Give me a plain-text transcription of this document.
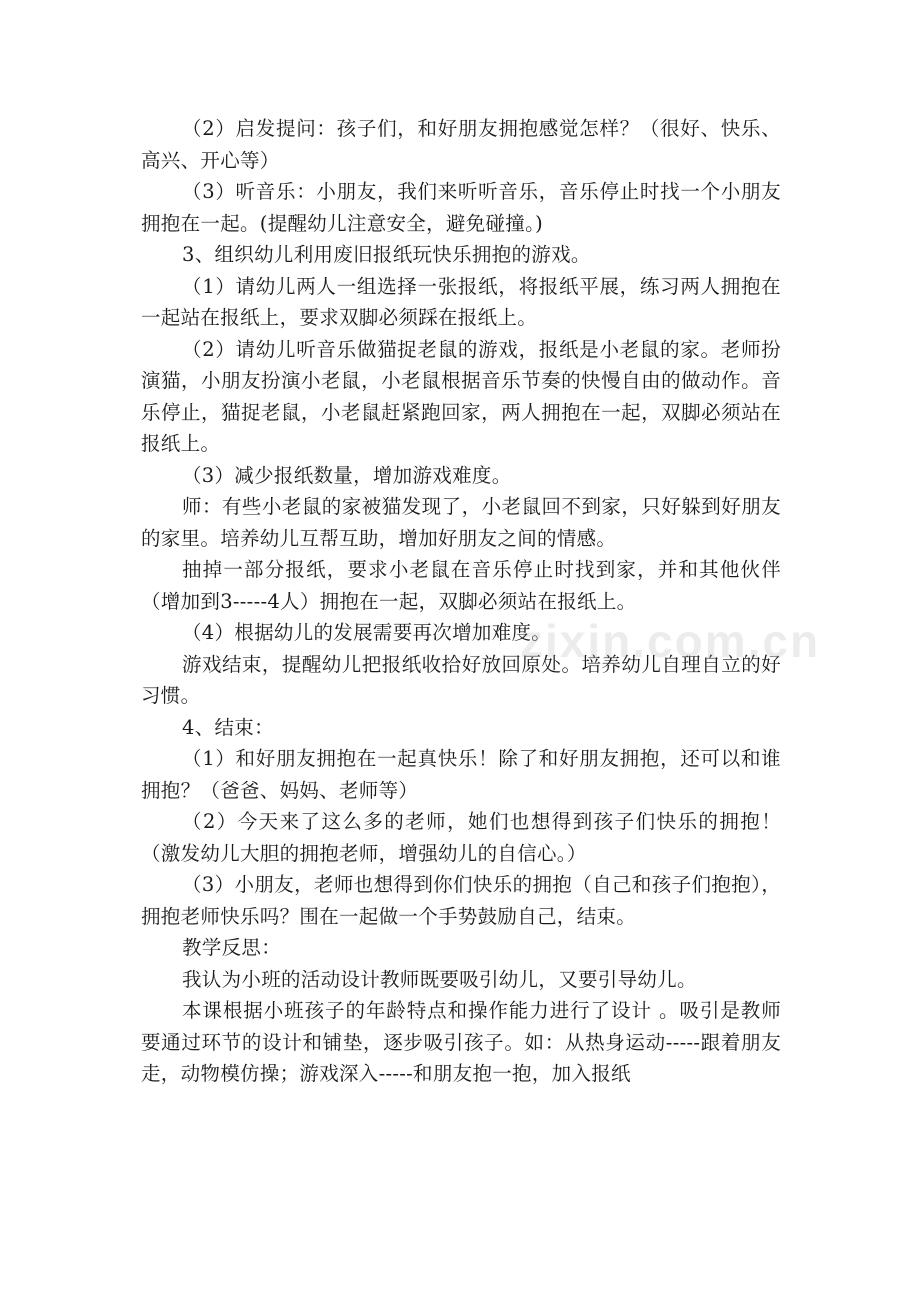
（2）启发提问：孩子们，和好朋友拥抱感觉怎样？（很好、快乐、高兴、开心等）

（3）听音乐：小朋友，我们来听听音乐，音乐停止时找一个小朋友拥抱在一起。(提醒幼儿注意安全，避免碰撞。)

3、组织幼儿利用废旧报纸玩快乐拥抱的游戏。

（1）请幼儿两人一组选择一张报纸，将报纸平展，练习两人拥抱在一起站在报纸上，要求双脚必须踩在报纸上。

（2）请幼儿听音乐做猫捉老鼠的游戏，报纸是小老鼠的家。老师扮演猫，小朋友扮演小老鼠，小老鼠根据音乐节奏的快慢自由的做动作。音乐停止，猫捉老鼠，小老鼠赶紧跑回家，两人拥抱在一起，双脚必须站在报纸上。

（3）减少报纸数量，增加游戏难度。

师：有些小老鼠的家被猫发现了，小老鼠回不到家，只好躲到好朋友的家里。培养幼儿互帮互助，增加好朋友之间的情感。

抽掉一部分报纸，要求小老鼠在音乐停止时找到家，并和其他伙伴（增加到3-----4人）拥抱在一起，双脚必须站在报纸上。

（4）根据幼儿的发展需要再次增加难度。

游戏结束，提醒幼儿把报纸收拾好放回原处。培养幼儿自理自立的好习惯。

4、结束：

（1）和好朋友拥抱在一起真快乐！除了和好朋友拥抱，还可以和谁拥抱？（爸爸、妈妈、老师等）

（2）今天来了这么多的老师，她们也想得到孩子们快乐的拥抱！（激发幼儿大胆的拥抱老师，增强幼儿的自信心。）

（3）小朋友，老师也想得到你们快乐的拥抱（自己和孩子们抱抱），拥抱老师快乐吗？围在一起做一个手势鼓励自己，结束。

教学反思：

我认为小班的活动设计教师既要吸引幼儿，又要引导幼儿。

本课根据小班孩子的年龄特点和操作能力进行了设计 。吸引是教师要通过环节的设计和铺垫，逐步吸引孩子。如：从热身运动-----跟着朋友走，动物模仿操；游戏深入-----和朋友抱一抱，加入报纸

zixin.com.cn
